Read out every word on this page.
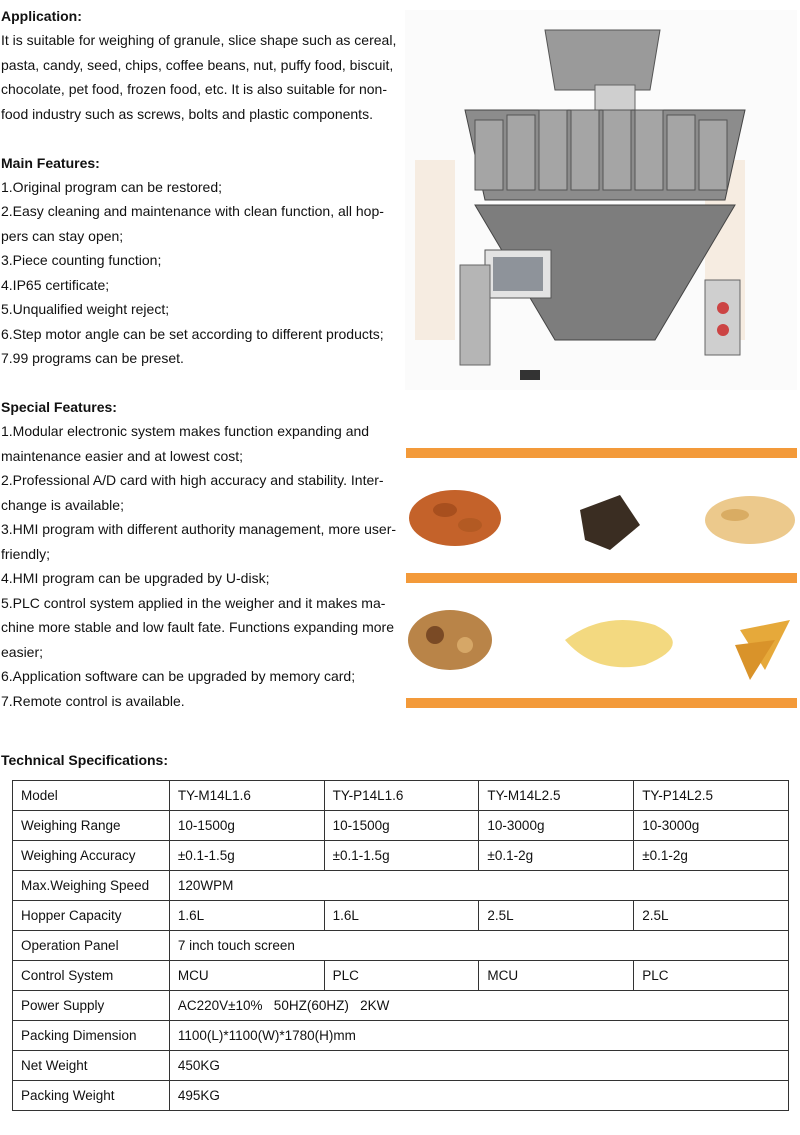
Application:

It is suitable for weighing of granule, slice shape such as cereal,

pasta, candy, seed, chips, coffee beans, nut, puffy food, biscuit,

chocolate, pet food, frozen food, etc. It is also suitable for non-

food industry such as screws, bolts and plastic components.

Main Features:

1.Original program can be restored;

2.Easy cleaning and maintenance with clean function, all hop-

pers can stay open;

3.Piece counting function;

4.IP65 certificate;

5.Unqualified weight reject;

6.Step motor angle can be set according to different products;

7.99 programs can be preset.

Special Features:

1.Modular electronic system makes function expanding and

maintenance easier and at lowest cost;

2.Professional A/D card with high accuracy and stability. Inter-

change is available;

3.HMI program with different authority management, more user-

friendly;

4.HMI program can be upgraded by U-disk;

5.PLC control system applied in the weigher and it makes ma-

chine more stable and low fault fate. Functions expanding more

easier;

6.Application software can be upgraded by memory card;

7.Remote control is available.

Technical Specifications:
Model	TY-M14L1.6	TY-P14L1.6	TY-M14L2.5	TY-P14L2.5
Weighing Range	10-1500g	10-1500g	10-3000g	10-3000g
Weighing Accuracy	±0.1-1.5g	±0.1-1.5g	±0.1-2g	±0.1-2g
Max.Weighing Speed	120WPM			
Hopper Capacity	1.6L	1.6L	2.5L	2.5L
Operation Panel	7 inch touch screen			
Control System	MCU	PLC	MCU	PLC
Power Supply	AC220V±10%   50HZ(60HZ)   2KW			
Packing Dimension	1100(L)*1100(W)*1780(H)mm			
Net Weight	450KG			
Packing Weight	495KG			
